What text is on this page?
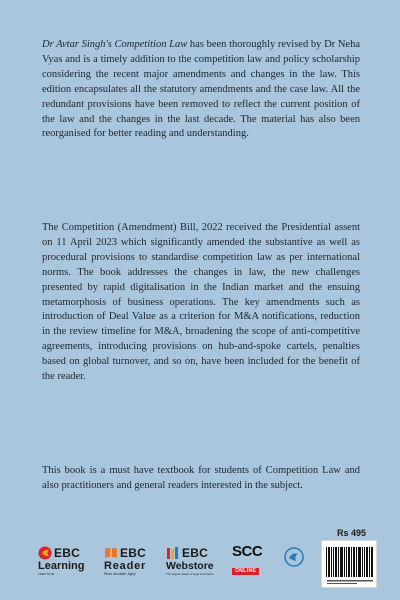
Dr Avtar Singh's Competition Law has been thoroughly revised by Dr Neha Vyas and is a timely addition to the competition law and policy scholarship considering the recent major amendments and changes in the law. This edition encapsulates all the statutory amendments and the case law. All the redundant provisions have been removed to reflect the current position of the law and the changes in the last decade. The material has also been reorganised for better reading and understanding.

The Competition (Amendment) Bill, 2022 received the Presidential assent on 11 April 2023 which significantly amended the substantive as well as procedural provisions to standardise competition law as per international norms. The book addresses the changes in law, the new challenges presented by rapid digitalisation in the Indian market and the ensuing metamorphosis of business operations. The key amendments such as introduction of Deal Value as a criterion for M&A notifications, reduction in the review timeline for M&A, broadening the scope of anti-competitive agreements, introducing provisions on hub-and-spoke cartels, penalties based on global turnover, and so on, have been included for the benefit of the reader.

This book is a must have textbook for students of Competition Law and also practitioners and general readers interested in the subject.

Rs 495
EBC
Learning
Learn to do
EBC
Reader
Read. Annotate. Apply
EBC
Webstore
The largest retailer of legal information
SCC
ONLINE
